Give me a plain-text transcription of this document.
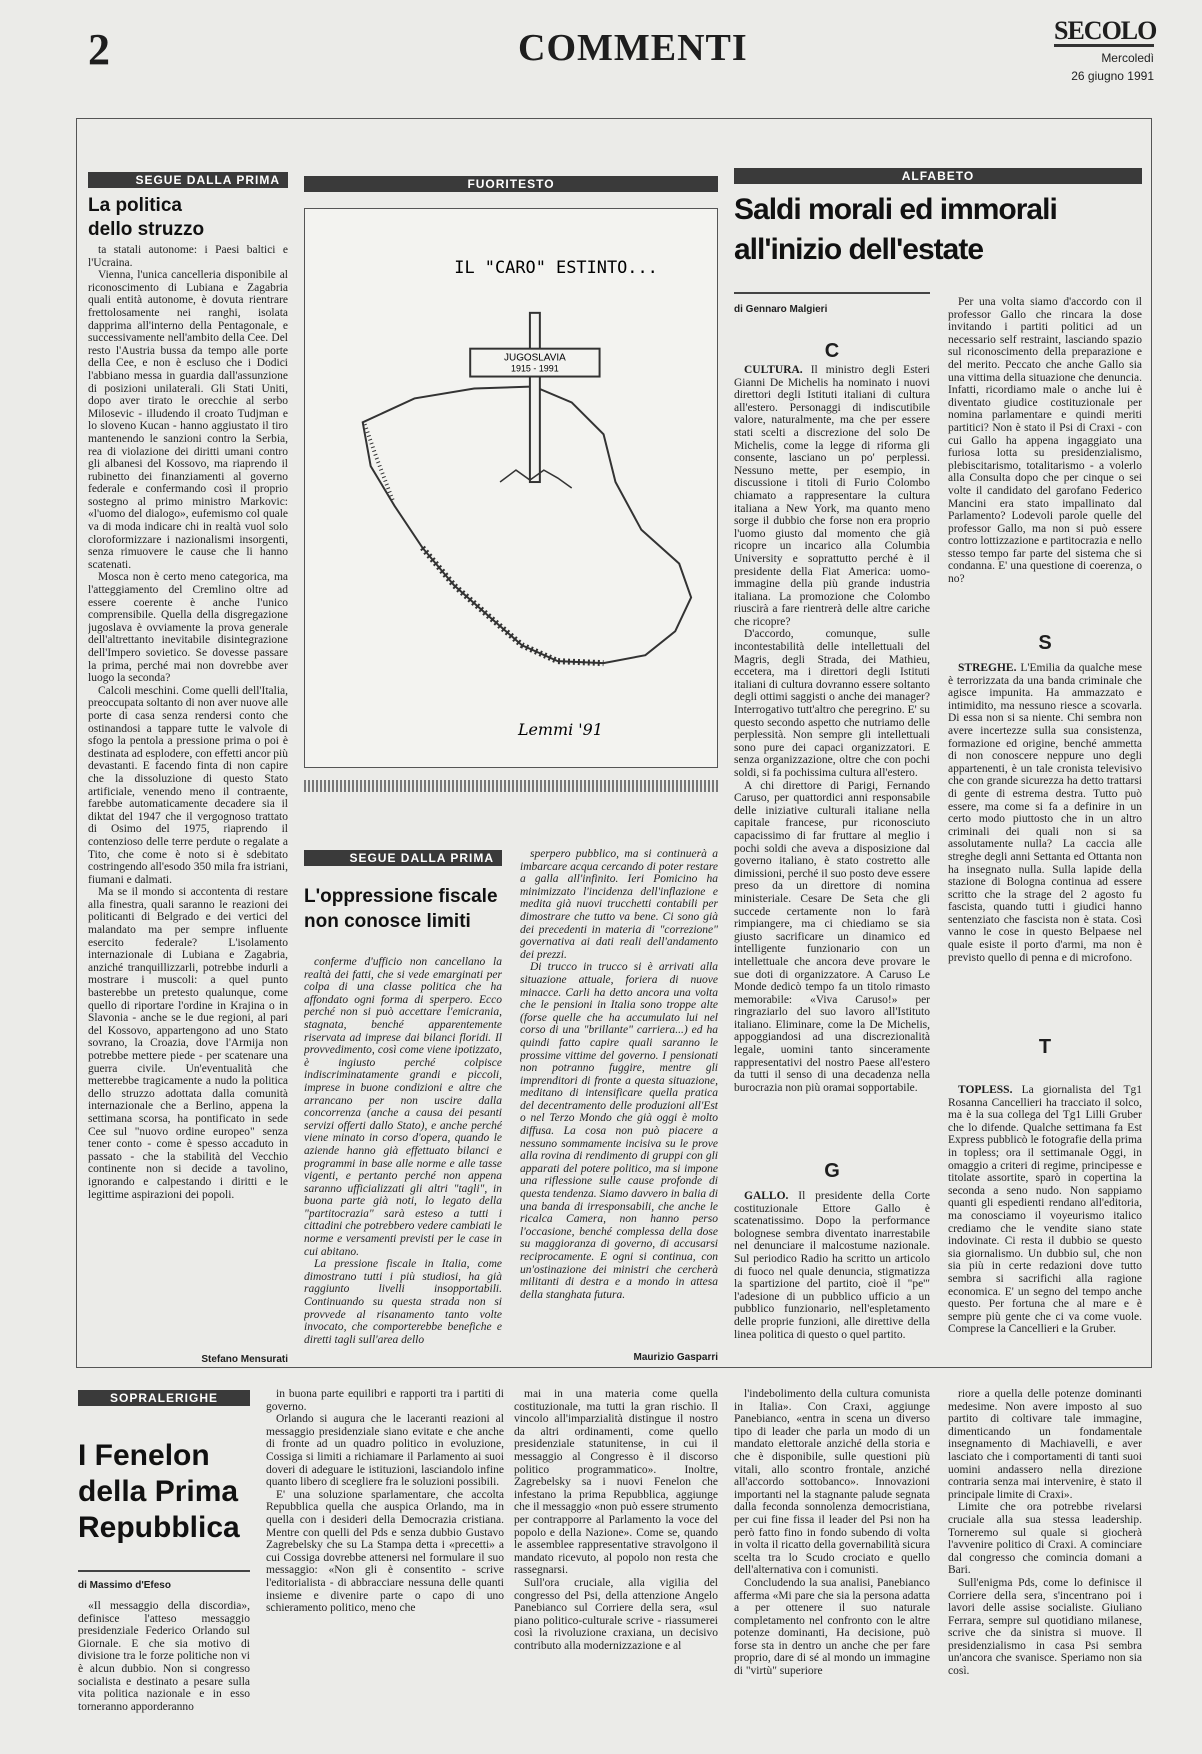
2	COMMENTI	SECOLO
Mercoledì
26 giugno 1991
SEGUE DALLA PRIMA
La politica
dello struzzo

ta statali autonome: i Paesi baltici e l'Ucraina.

Vienna, l'unica cancelleria disponibile al riconoscimento di Lubiana e Zagabria quali entità autonome, è dovuta rientrare frettolosamente nei ranghi, isolata dapprima all'interno della Pentagonale, e successivamente nell'ambito della Cee. Del resto l'Austria bussa da tempo alle porte della Cee, e non è escluso che i Dodici l'abbiano messa in guardia dall'assunzione di posizioni unilaterali. Gli Stati Uniti, dopo aver tirato le orecchie al serbo Milosevic - illudendo il croato Tudjman e lo sloveno Kucan - hanno aggiustato il tiro mantenendo le sanzioni contro la Serbia, rea di violazione dei diritti umani contro gli albanesi del Kossovo, ma riaprendo il rubinetto dei finanziamenti al governo federale e confermando così il proprio sostegno al primo ministro Markovic: «l'uomo del dialogo», eufemismo col quale va di moda indicare chi in realtà vuol solo cloroformizzare i nazionalismi insorgenti, senza rimuovere le cause che li hanno scatenati.

Mosca non è certo meno categorica, ma l'atteggiamento del Cremlino oltre ad essere coerente è anche l'unico comprensibile. Quella della disgregazione jugoslava è ovviamente la prova generale dell'altrettanto inevitabile disintegrazione dell'Impero sovietico. Se dovesse passare la prima, perché mai non dovrebbe aver luogo la seconda?

Calcoli meschini. Come quelli dell'Italia, preoccupata soltanto di non aver nuove alle porte di casa senza rendersi conto che ostinandosi a tappare tutte le valvole di sfogo la pentola a pressione prima o poi è destinata ad esplodere, con effetti ancor più devastanti. E facendo finta di non capire che la dissoluzione di questo Stato artificiale, venendo meno il contraente, farebbe automaticamente decadere sia il diktat del 1947 che il vergognoso trattato di Osimo del 1975, riaprendo il contenzioso delle terre perdute o regalate a Tito, che come è noto si è sdebitato costringendo all'esodo 350 mila fra istriani, fiumani e dalmati.

Ma se il mondo si accontenta di restare alla finestra, quali saranno le reazioni dei politicanti di Belgrado e dei vertici del malandato ma per sempre influente esercito federale? L'isolamento internazionale di Lubiana e Zagabria, anziché tranquillizzarli, potrebbe indurli a mostrare i muscoli: a quel punto basterebbe un pretesto qualunque, come quello di riportare l'ordine in Krajina o in Slavonia - anche se le due regioni, al pari del Kossovo, appartengono ad uno Stato sovrano, la Croazia, dove l'Armija non potrebbe mettere piede - per scatenare una guerra civile. Un'eventualità che metterebbe tragicamente a nudo la politica dello struzzo adottata dalla comunità internazionale che a Berlino, appena la settimana scorsa, ha pontificato in sede Cee sul "nuovo ordine europeo" senza tener conto - come è spesso accaduto in passato - che la stabilità del Vecchio continente non si decide a tavolino, ignorando e calpestando i diritti e le legittime aspirazioni dei popoli.

Stefano Mensurati
FUORITESTO
JUGOSLAVIA
1915 - 1991
IL "CARO" ESTINTO...
Lemmi '91
SEGUE DALLA PRIMA
L'oppressione fiscale
non conosce limiti

conferme d'ufficio non cancellano la realtà dei fatti, che si vede emarginati per colpa di una classe politica che ha affondato ogni forma di sperpero. Ecco perché non si può accettare l'emicrania, stagnata, benché apparentemente riservata ad imprese dai bilanci floridi. Il provvedimento, così come viene ipotizzato, è ingiusto perché colpisce indiscriminatamente grandi e piccoli, imprese in buone condizioni e altre che arrancano per non uscire dalla concorrenza (anche a causa dei pesanti servizi offerti dallo Stato), e anche perché viene minato in corso d'opera, quando le aziende hanno già effettuato bilanci e programmi in base alle norme e alle tasse vigenti, e pertanto perché non appena saranno ufficializzati gli altri "tagli", in buona parte già noti, lo legato della "partitocrazia" sarà esteso a tutti i cittadini che potrebbero vedere cambiati le norme e versamenti previsti per le case in cui abitano.

La pressione fiscale in Italia, come dimostrano tutti i più studiosi, ha già raggiunto livelli insopportabili. Continuando su questa strada non si provvede al risanamento tanto volte invocato, che comporterebbe benefiche e diretti tagli sull'area dello

sperpero pubblico, ma si continuerà a imbarcare acqua cercando di poter restare a galla all'infinito. Ieri Pomicino ha minimizzato l'incidenza dell'inflazione e medita già nuovi trucchetti contabili per dimostrare che tutto va bene. Ci sono già dei precedenti in materia di "correzione" governativa ai dati reali dell'andamento dei prezzi.

Di trucco in trucco si è arrivati alla situazione attuale, foriera di nuove minacce. Carli ha detto ancora una volta che le pensioni in Italia sono troppe alte (forse quelle che ha accumulato lui nel corso di una "brillante" carriera...) ed ha quindi fatto capire quali saranno le prossime vittime del governo. I pensionati non potranno fuggire, mentre gli imprenditori di fronte a questa situazione, meditano di intensificare quella pratica del decentramento delle produzioni all'Est o nel Terzo Mondo che già oggi è molto diffusa. La cosa non può piacere a nessuno sommamente incisiva su le prove alla rovina di rendimento di gruppi con gli apparati del potere politico, ma si impone una riflessione sulle cause profonde di questa tendenza. Siamo davvero in balia di una banda di irresponsabili, che anche le ricalca Camera, non hanno perso l'occasione, benché complessa della dose su maggioranza di governo, di accusarsi reciprocamente. E ogni si continua, con un'ostinazione dei ministri che cercherà militanti di destra e a mondo in attesa della stanghata futura.

Maurizio Gasparri
ALFABETO
Saldi morali ed immorali
all'inizio dell'estate
di Gennaro Malgieri
C

CULTURA. Il ministro degli Esteri Gianni De Michelis ha nominato i nuovi direttori degli Istituti italiani di cultura all'estero. Personaggi di indiscutibile valore, naturalmente, ma che per essere stati scelti a discrezione del solo De Michelis, come la legge di riforma gli consente, lasciano un po' perplessi. Nessuno mette, per esempio, in discussione i titoli di Furio Colombo chiamato a rappresentare la cultura italiana a New York, ma quanto meno sorge il dubbio che forse non era proprio l'uomo giusto dal momento che già ricopre un incarico alla Columbia University e soprattutto perché è il presidente della Fiat America: uomo-immagine della più grande industria italiana. La promozione che Colombo riuscirà a fare rientrerà delle altre cariche che ricopre?

D'accordo, comunque, sulle incontestabilità delle intellettuali del Magris, degli Strada, dei Mathieu, eccetera, ma i direttori degli Istituti italiani di cultura dovranno essere soltanto degli ottimi saggisti o anche dei manager? Interrogativo tutt'altro che peregrino. E' su questo secondo aspetto che nutriamo delle perplessità. Non sempre gli intellettuali sono pure dei capaci organizzatori. E senza organizzazione, oltre che con pochi soldi, si fa pochissima cultura all'estero.

A chi direttore di Parigi, Fernando Caruso, per quattordici anni responsabile delle iniziative culturali italiane nella capitale francese, pur riconosciuto capacissimo di far fruttare al meglio i pochi soldi che aveva a disposizione dal governo italiano, è stato costretto alle dimissioni, perché il suo posto deve essere preso da un direttore di nomina ministeriale. Cesare De Seta che gli succede certamente non lo farà rimpiangere, ma ci chiediamo se sia giusto sacrificare un dinamico ed intelligente funzionario con un intellettuale che ancora deve provare le sue doti di organizzatore. A Caruso Le Monde dedicò tempo fa un titolo rimasto memorabile: «Viva Caruso!» per ringraziarlo del suo lavoro all'Istituto italiano. Eliminare, come la De Michelis, appoggiandosi ad una discrezionalità legale, uomini tanto sinceramente rappresentativi del nostro Paese all'estero da tutti il senso di una decadenza nella burocrazia non più oramai sopportabile.

G

GALLO. Il presidente della Corte costituzionale Ettore Gallo è scatenatissimo. Dopo la performance bolognese sembra diventato inarrestabile nel denunciare il malcostume nazionale. Sul periodico Radio ha scritto un articolo di fuoco nel quale denuncia, stigmatizza la spartizione del partito, cioè il "pe'" l'adesione di un pubblico ufficio a un pubblico funzionario, nell'espletamento delle proprie funzioni, alle direttive della linea politica di questo o quel partito.

Per una volta siamo d'accordo con il professor Gallo che rincara la dose invitando i partiti politici ad un necessario self restraint, lasciando spazio sul riconoscimento della preparazione e del merito. Peccato che anche Gallo sia una vittima della situazione che denuncia. Infatti, ricordiamo male o anche lui è diventato giudice costituzionale per nomina parlamentare e quindi meriti partitici? Non è stato il Psi di Craxi - con cui Gallo ha appena ingaggiato una furiosa lotta su presidenzialismo, plebiscitarismo, totalitarismo - a volerlo alla Consulta dopo che per cinque o sei volte il candidato del garofano Federico Mancini era stato impallinato dal Parlamento? Lodevoli parole quelle del professor Gallo, ma non si può essere contro lottizzazione e partitocrazia e nello stesso tempo far parte del sistema che si condanna. E' una questione di coerenza, o no?

S

STREGHE. L'Emilia da qualche mese è terrorizzata da una banda criminale che agisce impunita. Ha ammazzato e intimidito, ma nessuno riesce a scovarla. Di essa non si sa niente. Chi sembra non avere incertezze sulla sua consistenza, formazione ed origine, benché ammetta di non conoscere neppure uno degli appartenenti, è un tale cronista televisivo che con grande sicurezza ha detto trattarsi di gente di estrema destra. Tutto può essere, ma come si fa a definire in un certo modo piuttosto che in un altro criminali dei quali non si sa assolutamente nulla? La caccia alle streghe degli anni Settanta ed Ottanta non ha insegnato nulla. Sulla lapide della stazione di Bologna continua ad essere scritto che la strage del 2 agosto fu fascista, quando tutti i giudici hanno sentenziato che fascista non è stata. Così vanno le cose in questo Belpaese nel quale esiste il porto d'armi, ma non è previsto quello di penna e di microfono.

T

TOPLESS. La giornalista del Tg1 Rosanna Cancellieri ha tracciato il solco, ma è la sua collega del Tg1 Lilli Gruber che lo difende. Qualche settimana fa Est Express pubblicò le fotografie della prima in topless; ora il settimanale Oggi, in omaggio a criteri di regime, principesse e titolate assortite, sparò in copertina la seconda a seno nudo. Non sappiamo quanti gli espedienti rendano all'editoria, ma conosciamo il voyeurismo italico crediamo che le vendite siano state indovinate. Ci resta il dubbio se questo sia giornalismo. Un dubbio sul, che non sia più in certe redazioni dove tutto sembra si sacrifichi alla ragione economica. E' un segno del tempo anche questo. Per fortuna che al mare e è sempre più gente che ci va come vuole. Comprese la Cancellieri e la Gruber.

SOPRALERIGHE
I Fenelon
della Prima
Repubblica
di Massimo d'Efeso

«Il messaggio della discordia», definisce l'atteso messaggio presidenziale Federico Orlando sul Giornale. E che sia motivo di divisione tra le forze politiche non vi è alcun dubbio. Non si congresso socialista e destinato a pesare sulla vita politica nazionale e in esso torneranno apporderanno

in buona parte equilibri e rapporti tra i partiti di governo.

Orlando si augura che le laceranti reazioni al messaggio presidenziale siano evitate e che anche di fronte ad un quadro politico in evoluzione, Cossiga si limiti a richiamare il Parlamento ai suoi doveri di adeguare le istituzioni, lasciandolo infine quanto libero di scegliere fra le soluzioni possibili.

E' una soluzione sparlamentare, che accolta Repubblica quella che auspica Orlando, ma in quella con i desideri della Democrazia cristiana. Mentre con quelli del Pds e senza dubbio Gustavo Zagrebelsky che su La Stampa detta i «precetti» a cui Cossiga dovrebbe attenersi nel formulare il suo messaggio: «Non gli è consentito - scrive l'editorialista - di abbracciare nessuna delle quanti insieme e divenire parte o capo di uno schieramento politico, meno che

mai in una materia come quella costituzionale, ma tutti la gran rischio. Il vincolo all'imparzialità distingue il nostro da altri ordinamenti, come quello presidenziale statunitense, in cui il messaggio al Congresso è il discorso politico programmatico». Inoltre, Zagrebelsky sa i nuovi Fenelon che infestano la prima Repubblica, aggiunge che il messaggio «non può essere strumento per contrapporre al Parlamento la voce del popolo e della Nazione». Come se, quando le assemblee rappresentative stravolgono il mandato ricevuto, al popolo non resta che rassegnarsi.

Sull'ora cruciale, alla vigilia del congresso del Psi, della attenzione Angelo Panebianco sul Corriere della sera, «sul piano politico-culturale scrive - riassumerei così la rivoluzione craxiana, un decisivo contributo alla modernizzazione e al

l'indebolimento della cultura comunista in Italia». Con Craxi, aggiunge Panebianco, «entra in scena un diverso tipo di leader che parla un modo di un mandato elettorale anziché della storia e che è disponibile, sulle questioni più vitali, allo scontro frontale, anziché all'accordo sottobanco». Innovazioni importanti nel la stagnante palude segnata dalla feconda sonnolenza democristiana, per cui fine fissa il leader del Psi non ha però fatto fino in fondo subendo di volta in volta il ricatto della governabilità sicura scelta tra lo Scudo crociato e quello dell'alternativa con i comunisti.

Concludendo la sua analisi, Panebianco afferma «Mi pare che sia la persona adatta a per ottenere il suo naturale completamento nel confronto con le altre potenze dominanti, Ha decisione, può forse sta in dentro un anche che per fare proprio, dare di sé al mondo un immagine di "virtù" superiore

riore a quella delle potenze dominanti medesime. Non avere imposto al suo partito di coltivare tale immagine, dimenticando un fondamentale insegnamento di Machiavelli, e aver lasciato che i comportamenti di tanti suoi uomini andassero nella direzione contraria senza mai intervenire, è stato il principale limite di Craxi».

Limite che ora potrebbe rivelarsi cruciale alla sua stessa leadership. Torneremo sul quale si giocherà l'avvenire politico di Craxi. A cominciare dal congresso che comincia domani a Bari.

Sull'enigma Pds, come lo definisce il Corriere della sera, s'incentrano poi i lavori delle assise socialiste. Giuliano Ferrara, sempre sul quotidiano milanese, scrive che da sinistra si muove. Il presidenzialismo in casa Psi sembra un'ancora che svanisce. Speriamo non sia così.
